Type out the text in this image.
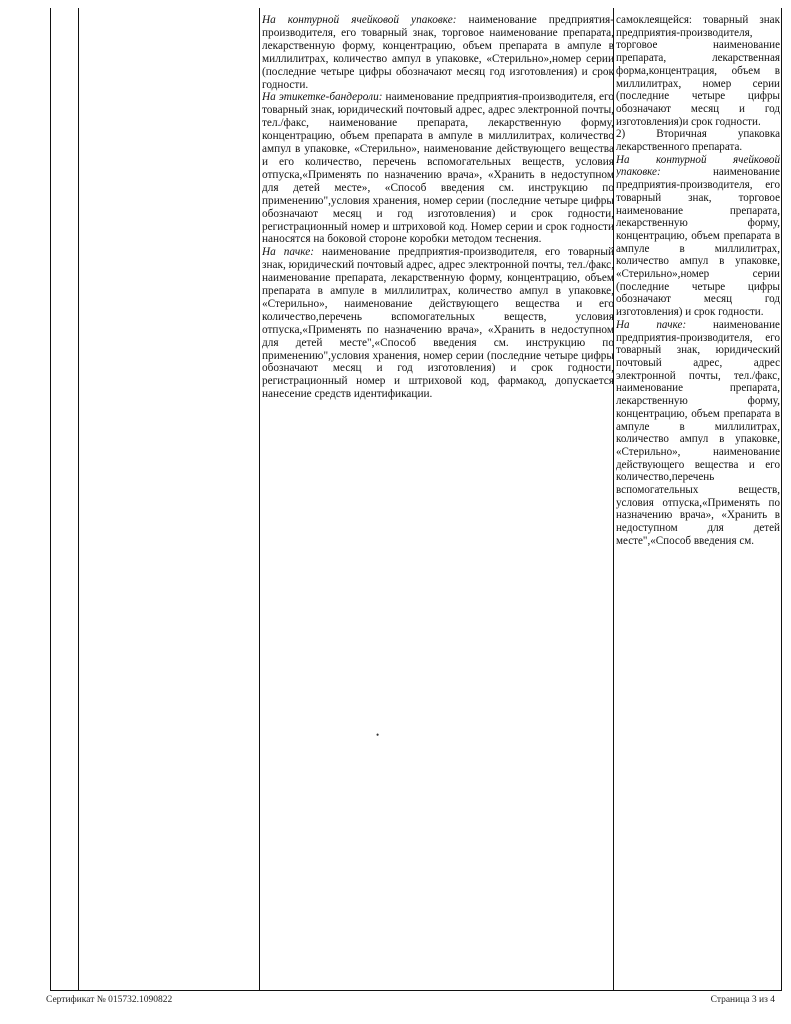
На контурной ячейковой упаковке: наименование предприятия-производителя, его товарный знак, торговое наименование препарата, лекарственную форму, концентрацию, объем препарата в ампуле в миллилитрах, количество ампул в упаковке, «Стерильно»,номер серии (последние четыре цифры обозначают месяц год изготовления) и срок годности.

На этикетке-бандероли: наименование предприятия-производителя, его товарный знак, юридический почтовый адрес, адрес электронной почты, тел./факс, наименование препарата, лекарственную форму, концентрацию, объем препарата в ампуле в миллилитрах, количество ампул в упаковке, «Стерильно», наименование действующего вещества и его количество, перечень вспомогательных веществ, условия отпуска,«Применять по назначению врача», «Хранить в недоступном для детей месте», «Способ введения см. инструкцию по применению",условия хранения, номер серии (последние четыре цифры обозначают месяц и год изготовления) и срок годности, регистрационный номер и штриховой код. Номер серии и срок годности наносятся на боковой стороне коробки методом теснения.

На пачке: наименование предприятия-производителя, его товарный знак, юридический почтовый адрес, адрес электронной почты, тел./факс, наименование препарата, лекарственную форму, концентрацию, объем препарата в ампуле в миллилитрах, количество ампул в упаковке, «Стерильно», наименование действующего вещества и его количество,перечень вспомогательных веществ, условия отпуска,«Применять по назначению врача», «Хранить в недоступном для детей месте",«Способ введения см. инструкцию по применению",условия хранения, номер серии (последние четыре цифры обозначают месяц и год изготовления) и срок годности, регистрационный номер и штриховой код, фармакод, допускается нанесение средств идентификации.

самоклеящейся: товарный знак предприятия-производителя, торговое наименование препарата, лекарственная форма,концентрация, объем в миллилитрах, номер серии (последние четыре цифры обозначают месяц и год изготовления)и срок годности.

2) Вторичная упаковка лекарственного препарата.

На контурной ячейковой упаковке: наименование предприятия-производителя, его товарный знак, торговое наименование препарата, лекарственную форму, концентрацию, объем препарата в ампуле в миллилитрах, количество ампул в упаковке, «Стерильно»,номер серии (последние четыре цифры обозначают месяц год изготовления) и срок годности.

На пачке: наименование предприятия-производителя, его товарный знак, юридический почтовый адрес, адрес электронной почты, тел./факс, наименование препарата, лекарственную форму, концентрацию, объем препарата в ампуле в миллилитрах, количество ампул в упаковке, «Стерильно», наименование действующего вещества и его количество,перечень вспомогательных веществ, условия отпуска,«Применять по назначению врача», «Хранить в недоступном для детей месте",«Способ введения см.

•
Сертификат № 015732.1090822	Страница 3 из 4
